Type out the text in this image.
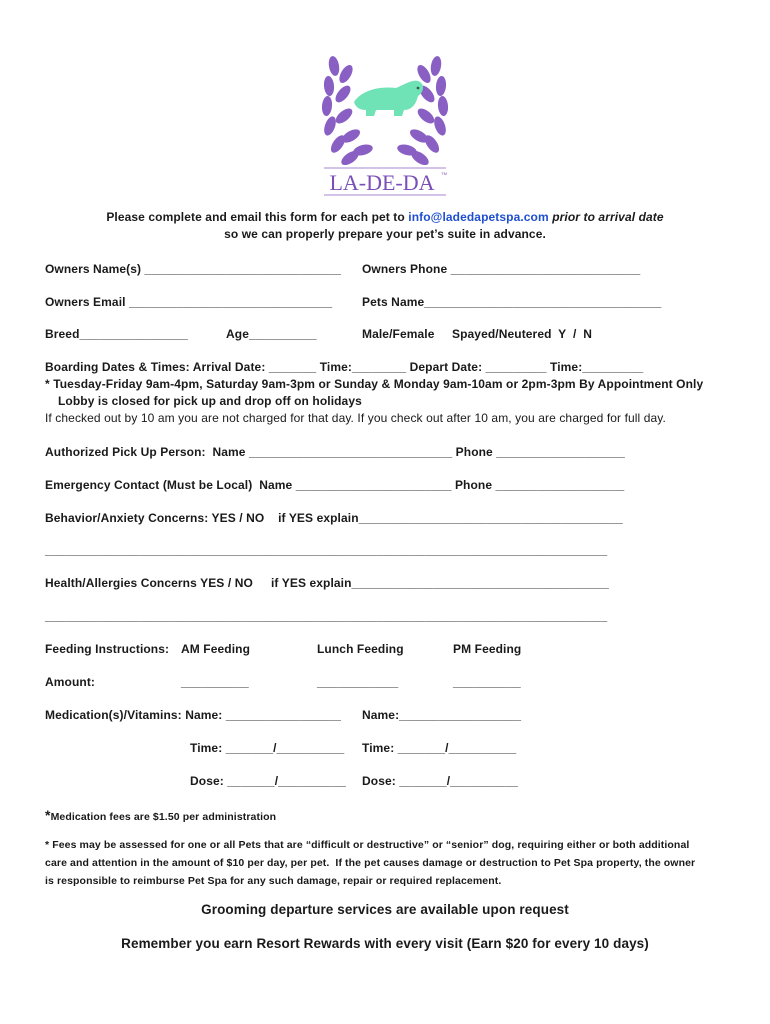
LA-DE-DA TM
Please complete and email this form for each pet to info@ladedapetspa.com prior to arrival date
so we can properly prepare your pet’s suite in advance.
Owners Name(s) _____________________________ Owners Phone ____________________________
Owners Email ______________________________ Pets Name___________________________________
Breed________________	Age__________	Male/Female Spayed/Neutered  Y  /  N
Boarding Dates & Times: Arrival Date: _______ Time:________ Depart Date: _________ Time:_________
* Tuesday-Friday 9am-4pm, Saturday 9am-3pm or Sunday & Monday 9am-10am or 2pm-3pm By Appointment Only
Lobby is closed for pick up and drop off on holidays
If checked out by 10 am you are not charged for that day. If you check out after 10 am, you are charged for full day.
Authorized Pick Up Person:  Name ______________________________ Phone ___________________
Emergency Contact (Must be Local)  Name _______________________ Phone ___________________
Behavior/Anxiety Concerns: YES / NO    if YES explain_______________________________________
___________________________________________________________________________________
Health/Allergies Concerns YES / NO if YES explain______________________________________
___________________________________________________________________________________
Feeding Instructions: AM Feeding	Lunch Feeding	PM Feeding
Amount:	__________	____________	__________
Medication(s)/Vitamins: Name: _________________ Name:__________________
Time: _______/__________ Time: _______/__________
Dose: _______/__________ Dose: _______/__________
*Medication fees are $1.50 per administration
* Fees may be assessed for one or all Pets that are “difficult or destructive” or “senior” dog, requiring either or both additional
care and attention in the amount of $10 per day, per pet.  If the pet causes damage or destruction to Pet Spa property, the owner
is responsible to reimburse Pet Spa for any such damage, repair or required replacement.
Grooming departure services are available upon request
Remember you earn Resort Rewards with every visit (Earn $20 for every 10 days)
